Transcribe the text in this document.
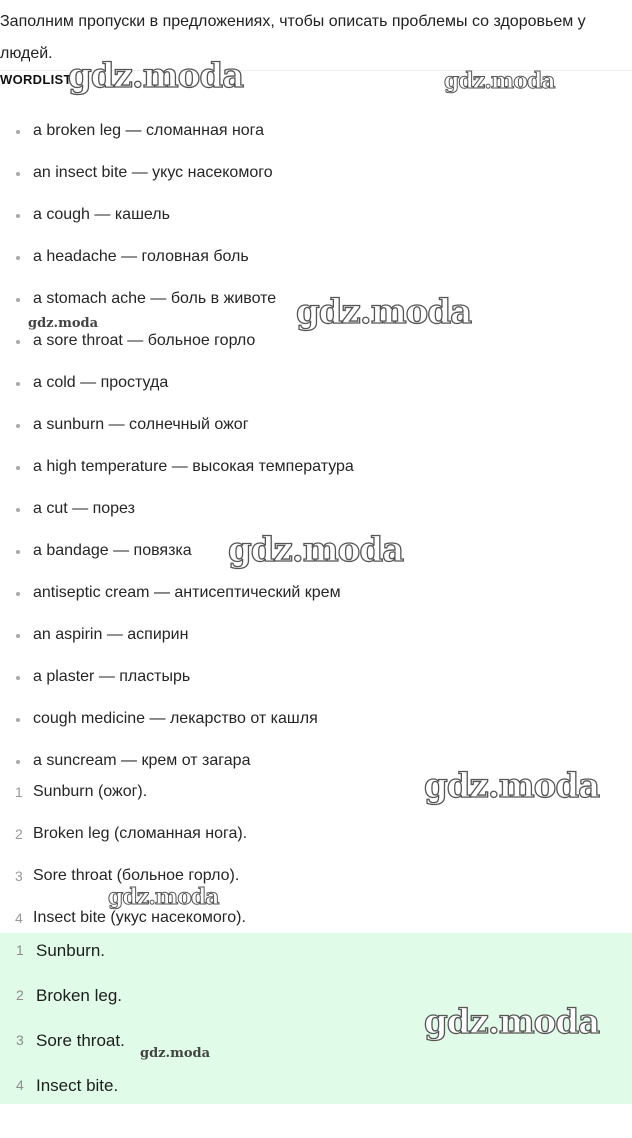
Заполним пропуски в предложениях, чтобы описать проблемы со здоровьем у людей.
WORDLIST
a broken leg — сломанная нога
an insect bite — укус насекомого
a cough — кашель
a headache — головная боль
a stomach ache — боль в животе
a sore throat — больное горло
a cold — простуда
a sunburn — солнечный ожог
a high temperature — высокая температура
a cut — порез
a bandage — повязка
antiseptic cream — антисептический крем
an aspirin — аспирин
a plaster — пластырь
cough medicine — лекарство от кашля
a suncream — крем от загара
1 Sunburn (ожог).
2 Broken leg (сломанная нога).
3 Sore throat (больное горло).
4 Insect bite (укус насекомого).
1 Sunburn.
2 Broken leg.
3 Sore throat.
4 Insect bite.
gdz.moda	gdz.moda
gdz.moda
gdz.moda
gdz.moda
gdz.moda
gdz.moda
gdz.moda
gdz.moda
